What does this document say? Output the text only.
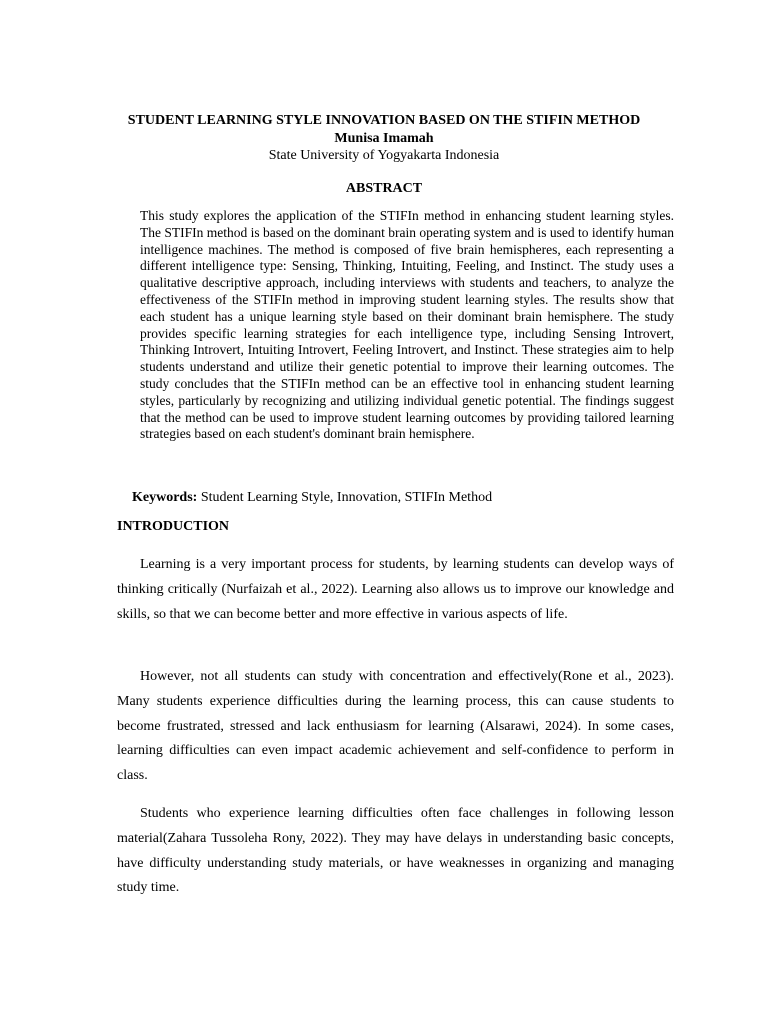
STUDENT LEARNING STYLE INNOVATION BASED ON THE STIFIN METHOD

Munisa Imamah

State University of Yogyakarta Indonesia

ABSTRACT

This study explores the application of the STIFIn method in enhancing student learning styles. The STIFIn method is based on the dominant brain operating system and is used to identify human intelligence machines. The method is composed of five brain hemispheres, each representing a different intelligence type: Sensing, Thinking, Intuiting, Feeling, and Instinct. The study uses a qualitative descriptive approach, including interviews with students and teachers, to analyze the effectiveness of the STIFIn method in improving student learning styles. The results show that each student has a unique learning style based on their dominant brain hemisphere. The study provides specific learning strategies for each intelligence type, including Sensing Introvert, Thinking Introvert, Intuiting Introvert, Feeling Introvert, and Instinct. These strategies aim to help students understand and utilize their genetic potential to improve their learning outcomes. The study concludes that the STIFIn method can be an effective tool in enhancing student learning styles, particularly by recognizing and utilizing individual genetic potential. The findings suggest that the method can be used to improve student learning outcomes by providing tailored learning strategies based on each student's dominant brain hemisphere.

Keywords: Student Learning Style, Innovation, STIFIn Method

INTRODUCTION

Learning is a very important process for students, by learning students can develop ways of thinking critically (Nurfaizah et al., 2022). Learning also allows us to improve our knowledge and skills, so that we can become better and more effective in various aspects of life.

However, not all students can study with concentration and effectively(Rone et al., 2023). Many students experience difficulties during the learning process, this can cause students to become frustrated, stressed and lack enthusiasm for learning (Alsarawi, 2024). In some cases, learning difficulties can even impact academic achievement and self-confidence to perform in class.

Students who experience learning difficulties often face challenges in following lesson material(Zahara Tussoleha Rony, 2022). They may have delays in understanding basic concepts, have difficulty understanding study materials, or have weaknesses in organizing and managing study time.
